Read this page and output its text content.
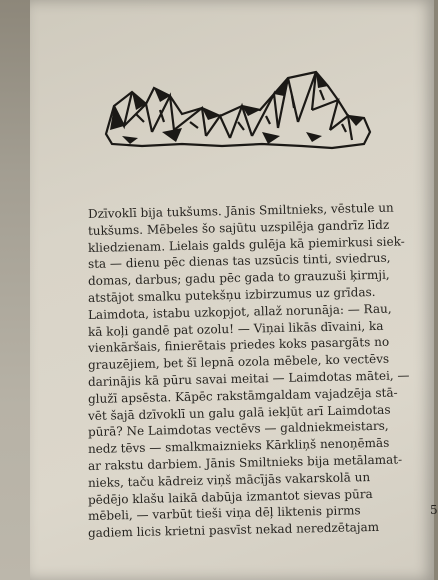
Dzīvoklī bija tukšums. Jānis Smiltnieks, vēstule un
tukšums. Mēbeles šo sajūtu uzspilēja gandrīz līdz
kliedzienam. Lielais galds gulēja kā piemirkusi siek-
sta — dienu pēc dienas tas uzsūcis tinti, sviedrus,
domas, darbus; gadu pēc gada to grauzuši ķirmji,
atstājot smalku putekšņu izbirzumus uz grīdas.
Laimdota, istabu uzkopjot, allaž norunāja: — Rau,
kā koļi gandē pat ozolu! — Viņai likās dīvaini, ka
vienkāršais, finierētais priedes koks pasargāts no
grauzējiem, bet šī lepnā ozola mēbele, ko vectēvs
darinājis kā pūru savai meitai — Laimdotas mātei, —
glužī apsēsta. Kāpēc rakstāmgaldam vajadzēja stā-
vēt šajā dzīvoklī un galu galā iekļūt arī Laimdotas
pūrā? Ne Laimdotas vectēvs — galdniekmeistars,
nedz tēvs — smalkmaiznieks Kārkliņš nenoņēmās
ar rakstu darbiem. Jānis Smiltnieks bija metālamat-
nieks, taču kādreiz viņš mācījās vakarskolā un
pēdējo klašu laikā dabūja izmantot sievas pūra
mēbeli, — varbūt tieši viņa dēļ liktenis pirms
gadiem licis krietni pasvīst nekad neredzētajam

5
